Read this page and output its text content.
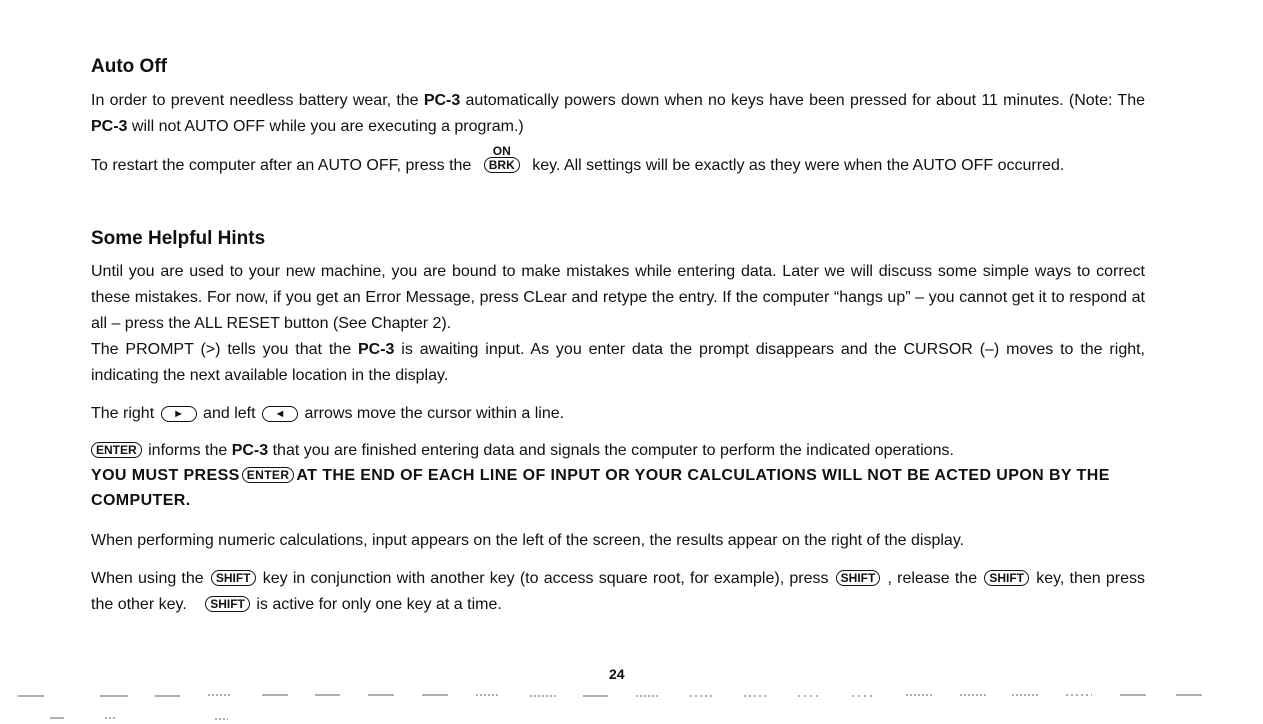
Auto Off
In order to prevent needless battery wear, the PC-3 automatically powers down when no keys have been pressed for about 11 minutes. (Note: The PC-3 will not AUTO OFF while you are executing a program.)
To restart the computer after an AUTO OFF, press the
ON
BRK key. All settings will be exactly as they were when the AUTO OFF occurred.
Some Helpful Hints
Until you are used to your new machine, you are bound to make mistakes while entering data. Later we will discuss some simple ways to correct these mistakes. For now, if you get an Error Message, press CLear and retype the entry. If the computer “hangs up” – you cannot get it to respond at all – press the ALL RESET button (See Chapter 2).
The PROMPT (>) tells you that the PC-3 is awaiting input. As you enter data the prompt disappears and the CURSOR (–) moves to the right, indicating the next available location in the display.
The right ► and left ◄ arrows move the cursor within a line.
ENTER informs the PC-3 that you are finished entering data and signals the computer to perform the indicated operations.
YOU MUST PRESS ENTER AT THE END OF EACH LINE OF INPUT OR YOUR CALCULATIONS WILL NOT BE ACTED UPON BY THE COMPUTER.
When performing numeric calculations, input appears on the left of the screen, the results appear on the right of the display.
When using the SHIFT key in conjunction with another key (to access square root, for example), press SHIFT , release the SHIFT key, then press the other key. SHIFT is active for only one key at a time.
24
